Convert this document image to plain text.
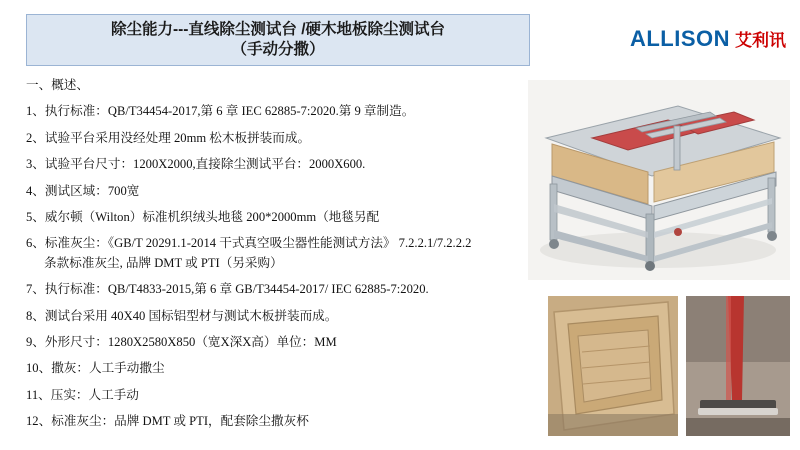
除尘能力---直线除尘测试台 /硬木地板除尘测试台
（手动分撒）	ALLISON 艾利讯
一、概述、
1、执行标准：QB/T34454-2017,第 6 章 IEC 62885-7:2020.第 9 章制造。
2、试验平台采用没经处理 20mm 松木板拼装而成。
3、试验平台尺寸：1200X2000,直接除尘测试平台：2000X600.
4、测试区域：700宽
5、威尔顿（Wilton）标准机织绒头地毯 200*2000mm（地毯另配
6、标准灰尘：《GB/T 20291.1-2014 干式真空吸尘器性能测试方法》 7.2.2.1/7.2.2.2
条款标准灰尘, 品牌 DMT 或 PTI（另采购）
7、执行标准：QB/T4833-2015,第 6 章 GB/T34454-2017/ IEC 62885-7:2020.
8、测试台采用 40X40 国标铝型材与测试木板拼装而成。
9、外形尺寸：1280X2580X850（宽X深X高）单位：MM
10、撒灰：人工手动撒尘
11、压实：人工手动
12、标准灰尘：品牌 DMT 或 PTI，配套除尘撒灰杯
